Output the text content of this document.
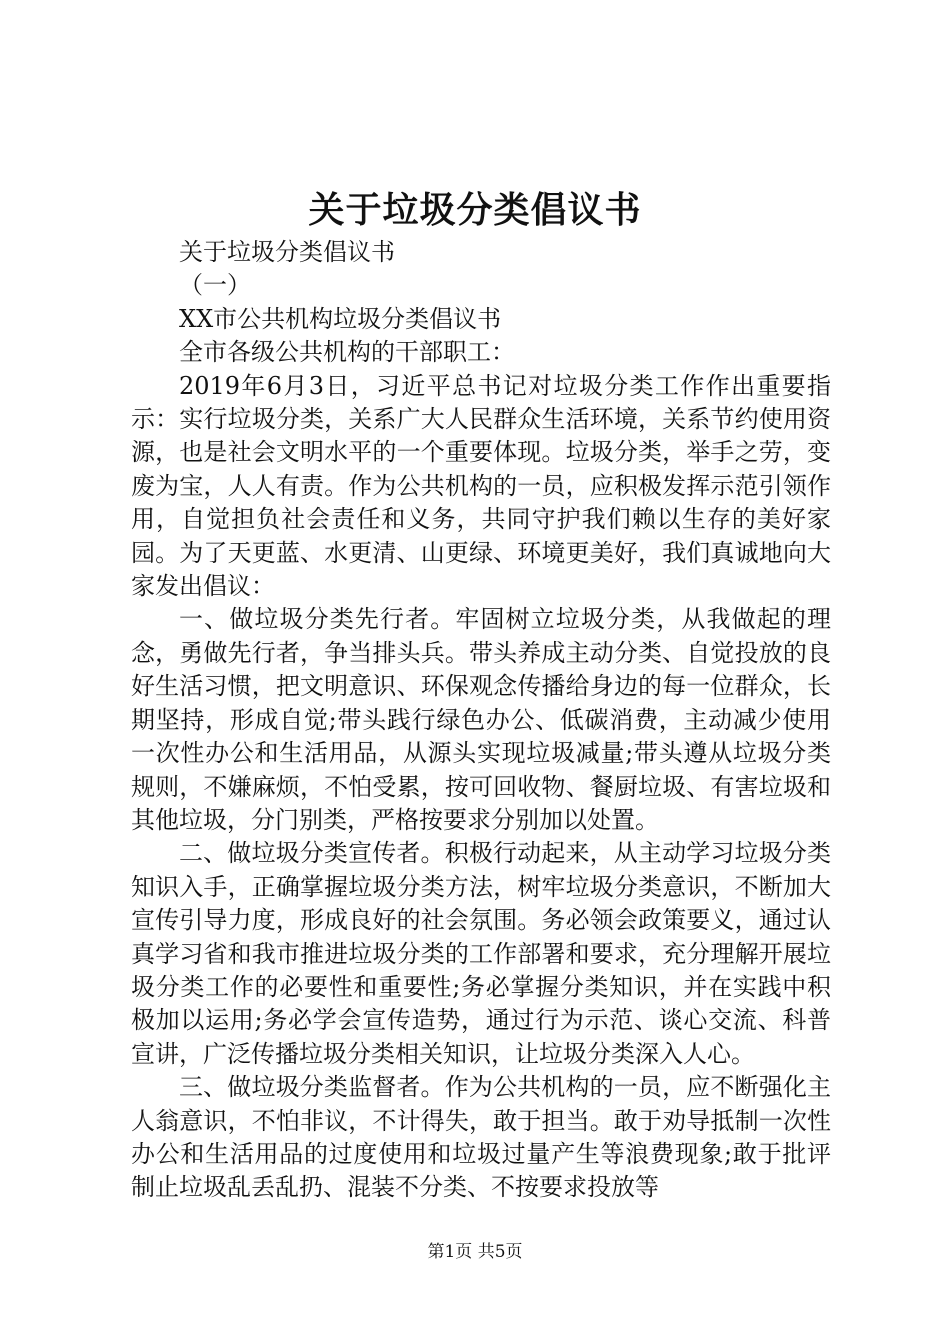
关于垃圾分类倡议书

关于垃圾分类倡议书

（一）

XX市公共机构垃圾分类倡议书

全市各级公共机构的干部职工：

2019年6月3日，习近平总书记对垃圾分类工作作出重要指示：实行垃圾分类，关系广大人民群众生活环境，关系节约使用资源，也是社会文明水平的一个重要体现。垃圾分类，举手之劳，变废为宝，人人有责。作为公共机构的一员，应积极发挥示范引领作用，自觉担负社会责任和义务，共同守护我们赖以生存的美好家园。为了天更蓝、水更清、山更绿、环境更美好，我们真诚地向大家发出倡议：

一、做垃圾分类先行者。牢固树立垃圾分类，从我做起的理念，勇做先行者，争当排头兵。带头养成主动分类、自觉投放的良好生活习惯，把文明意识、环保观念传播给身边的每一位群众，长期坚持，形成自觉;带头践行绿色办公、低碳消费，主动减少使用一次性办公和生活用品，从源头实现垃圾减量;带头遵从垃圾分类规则，不嫌麻烦，不怕受累，按可回收物、餐厨垃圾、有害垃圾和其他垃圾，分门别类，严格按要求分别加以处置。

二、做垃圾分类宣传者。积极行动起来，从主动学习垃圾分类知识入手，正确掌握垃圾分类方法，树牢垃圾分类意识，不断加大宣传引导力度，形成良好的社会氛围。务必领会政策要义，通过认真学习省和我市推进垃圾分类的工作部署和要求，充分理解开展垃圾分类工作的必要性和重要性;务必掌握分类知识，并在实践中积极加以运用;务必学会宣传造势，通过行为示范、谈心交流、科普宣讲，广泛传播垃圾分类相关知识，让垃圾分类深入人心。

三、做垃圾分类监督者。作为公共机构的一员，应不断强化主人翁意识，不怕非议，不计得失，敢于担当。敢于劝导抵制一次性办公和生活用品的过度使用和垃圾过量产生等浪费现象;敢于批评制止垃圾乱丢乱扔、混装不分类、不按要求投放等

第1页 共5页
